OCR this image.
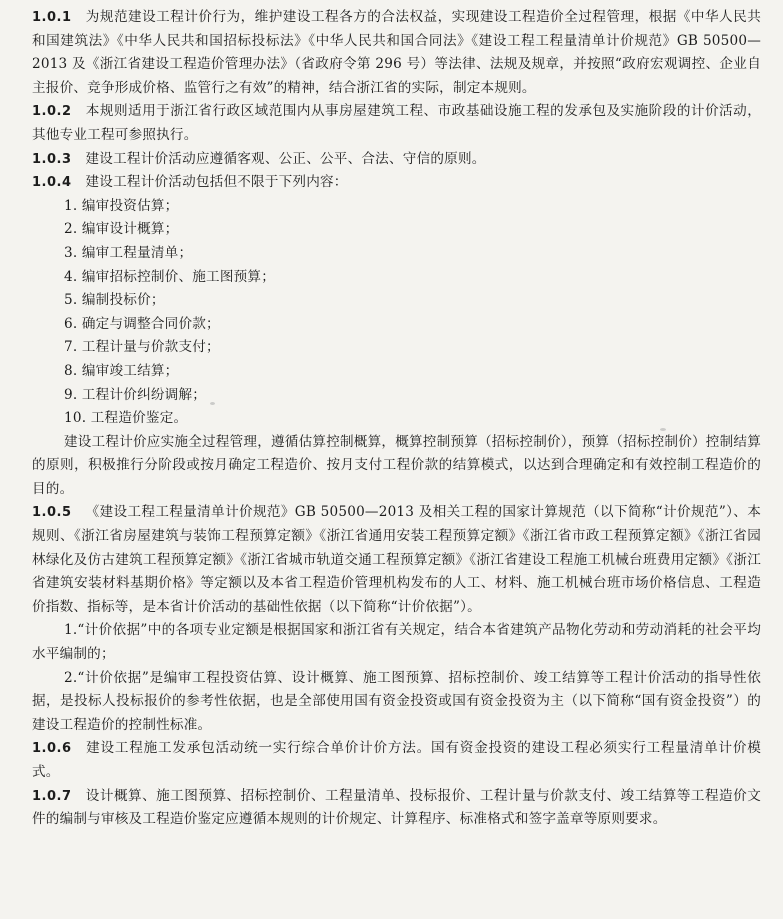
1.0.1 为规范建设工程计价行为，维护建设工程各方的合法权益，实现建设工程造价全过程管理，根据《中华人民共和国建筑法》《中华人民共和国招标投标法》《中华人民共和国合同法》《建设工程工程量清单计价规范》GB 50500—2013 及《浙江省建设工程造价管理办法》（省政府令第 296 号）等法律、法规及规章，并按照“政府宏观调控、企业自主报价、竞争形成价格、监管行之有效”的精神，结合浙江省的实际，制定本规则。

1.0.2 本规则适用于浙江省行政区域范围内从事房屋建筑工程、市政基础设施工程的发承包及实施阶段的计价活动，其他专业工程可参照执行。

1.0.3 建设工程计价活动应遵循客观、公正、公平、合法、守信的原则。

1.0.4 建设工程计价活动包括但不限于下列内容：

1. 编审投资估算；
2. 编审设计概算；
3. 编审工程量清单；
4. 编审招标控制价、施工图预算；
5. 编制投标价；
6. 确定与调整合同价款；
7. 工程计量与价款支付；
8. 编审竣工结算；
9. 工程计价纠纷调解；
10. 工程造价鉴定。

建设工程计价应实施全过程管理，遵循估算控制概算，概算控制预算（招标控制价），预算（招标控制价）控制结算的原则，积极推行分阶段或按月确定工程造价、按月支付工程价款的结算模式，以达到合理确定和有效控制工程造价的目的。

1.0.5 《建设工程工程量清单计价规范》GB 50500—2013 及相关工程的国家计算规范（以下简称“计价规范”）、本规则、《浙江省房屋建筑与装饰工程预算定额》《浙江省通用安装工程预算定额》《浙江省市政工程预算定额》《浙江省园林绿化及仿古建筑工程预算定额》《浙江省城市轨道交通工程预算定额》《浙江省建设工程施工机械台班费用定额》《浙江省建筑安装材料基期价格》等定额以及本省工程造价管理机构发布的人工、材料、施工机械台班市场价格信息、工程造价指数、指标等，是本省计价活动的基础性依据（以下简称“计价依据”）。

1.“计价依据”中的各项专业定额是根据国家和浙江省有关规定，结合本省建筑产品物化劳动和劳动消耗的社会平均水平编制的；

2.“计价依据”是编审工程投资估算、设计概算、施工图预算、招标控制价、竣工结算等工程计价活动的指导性依据，是投标人投标报价的参考性依据，也是全部使用国有资金投资或国有资金投资为主（以下简称“国有资金投资”）的建设工程造价的控制性标准。

1.0.6 建设工程施工发承包活动统一实行综合单价计价方法。国有资金投资的建设工程必须实行工程量清单计价模式。

1.0.7 设计概算、施工图预算、招标控制价、工程量清单、投标报价、工程计量与价款支付、竣工结算等工程造价文件的编制与审核及工程造价鉴定应遵循本规则的计价规定、计算程序、标准格式和签字盖章等原则要求。
